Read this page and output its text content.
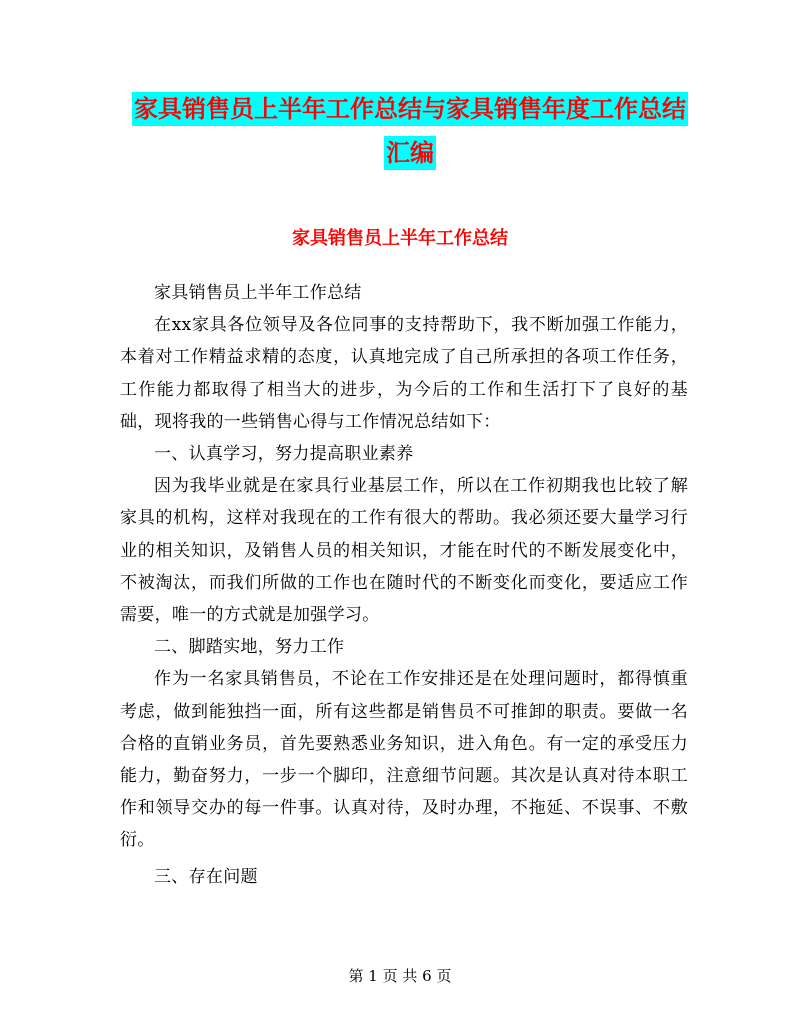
家具销售员上半年工作总结与家具销售年度工作总结
汇编
家具销售员上半年工作总结

家具销售员上半年工作总结

在xx家具各位领导及各位同事的支持帮助下，我不断加强工作能力，本着对工作精益求精的态度，认真地完成了自己所承担的各项工作任务，工作能力都取得了相当大的进步，为今后的工作和生活打下了良好的基础，现将我的一些销售心得与工作情况总结如下：

一、认真学习，努力提高职业素养

因为我毕业就是在家具行业基层工作，所以在工作初期我也比较了解家具的机构，这样对我现在的工作有很大的帮助。我必须还要大量学习行业的相关知识，及销售人员的相关知识，才能在时代的不断发展变化中，不被淘汰，而我们所做的工作也在随时代的不断变化而变化，要适应工作需要，唯一的方式就是加强学习。

二、脚踏实地，努力工作

作为一名家具销售员，不论在工作安排还是在处理问题时，都得慎重考虑，做到能独挡一面，所有这些都是销售员不可推卸的职责。要做一名合格的直销业务员，首先要熟悉业务知识，进入角色。有一定的承受压力能力，勤奋努力，一步一个脚印，注意细节问题。其次是认真对待本职工作和领导交办的每一件事。认真对待，及时办理，不拖延、不误事、不敷衍。

三、存在问题

第 1 页 共 6 页
